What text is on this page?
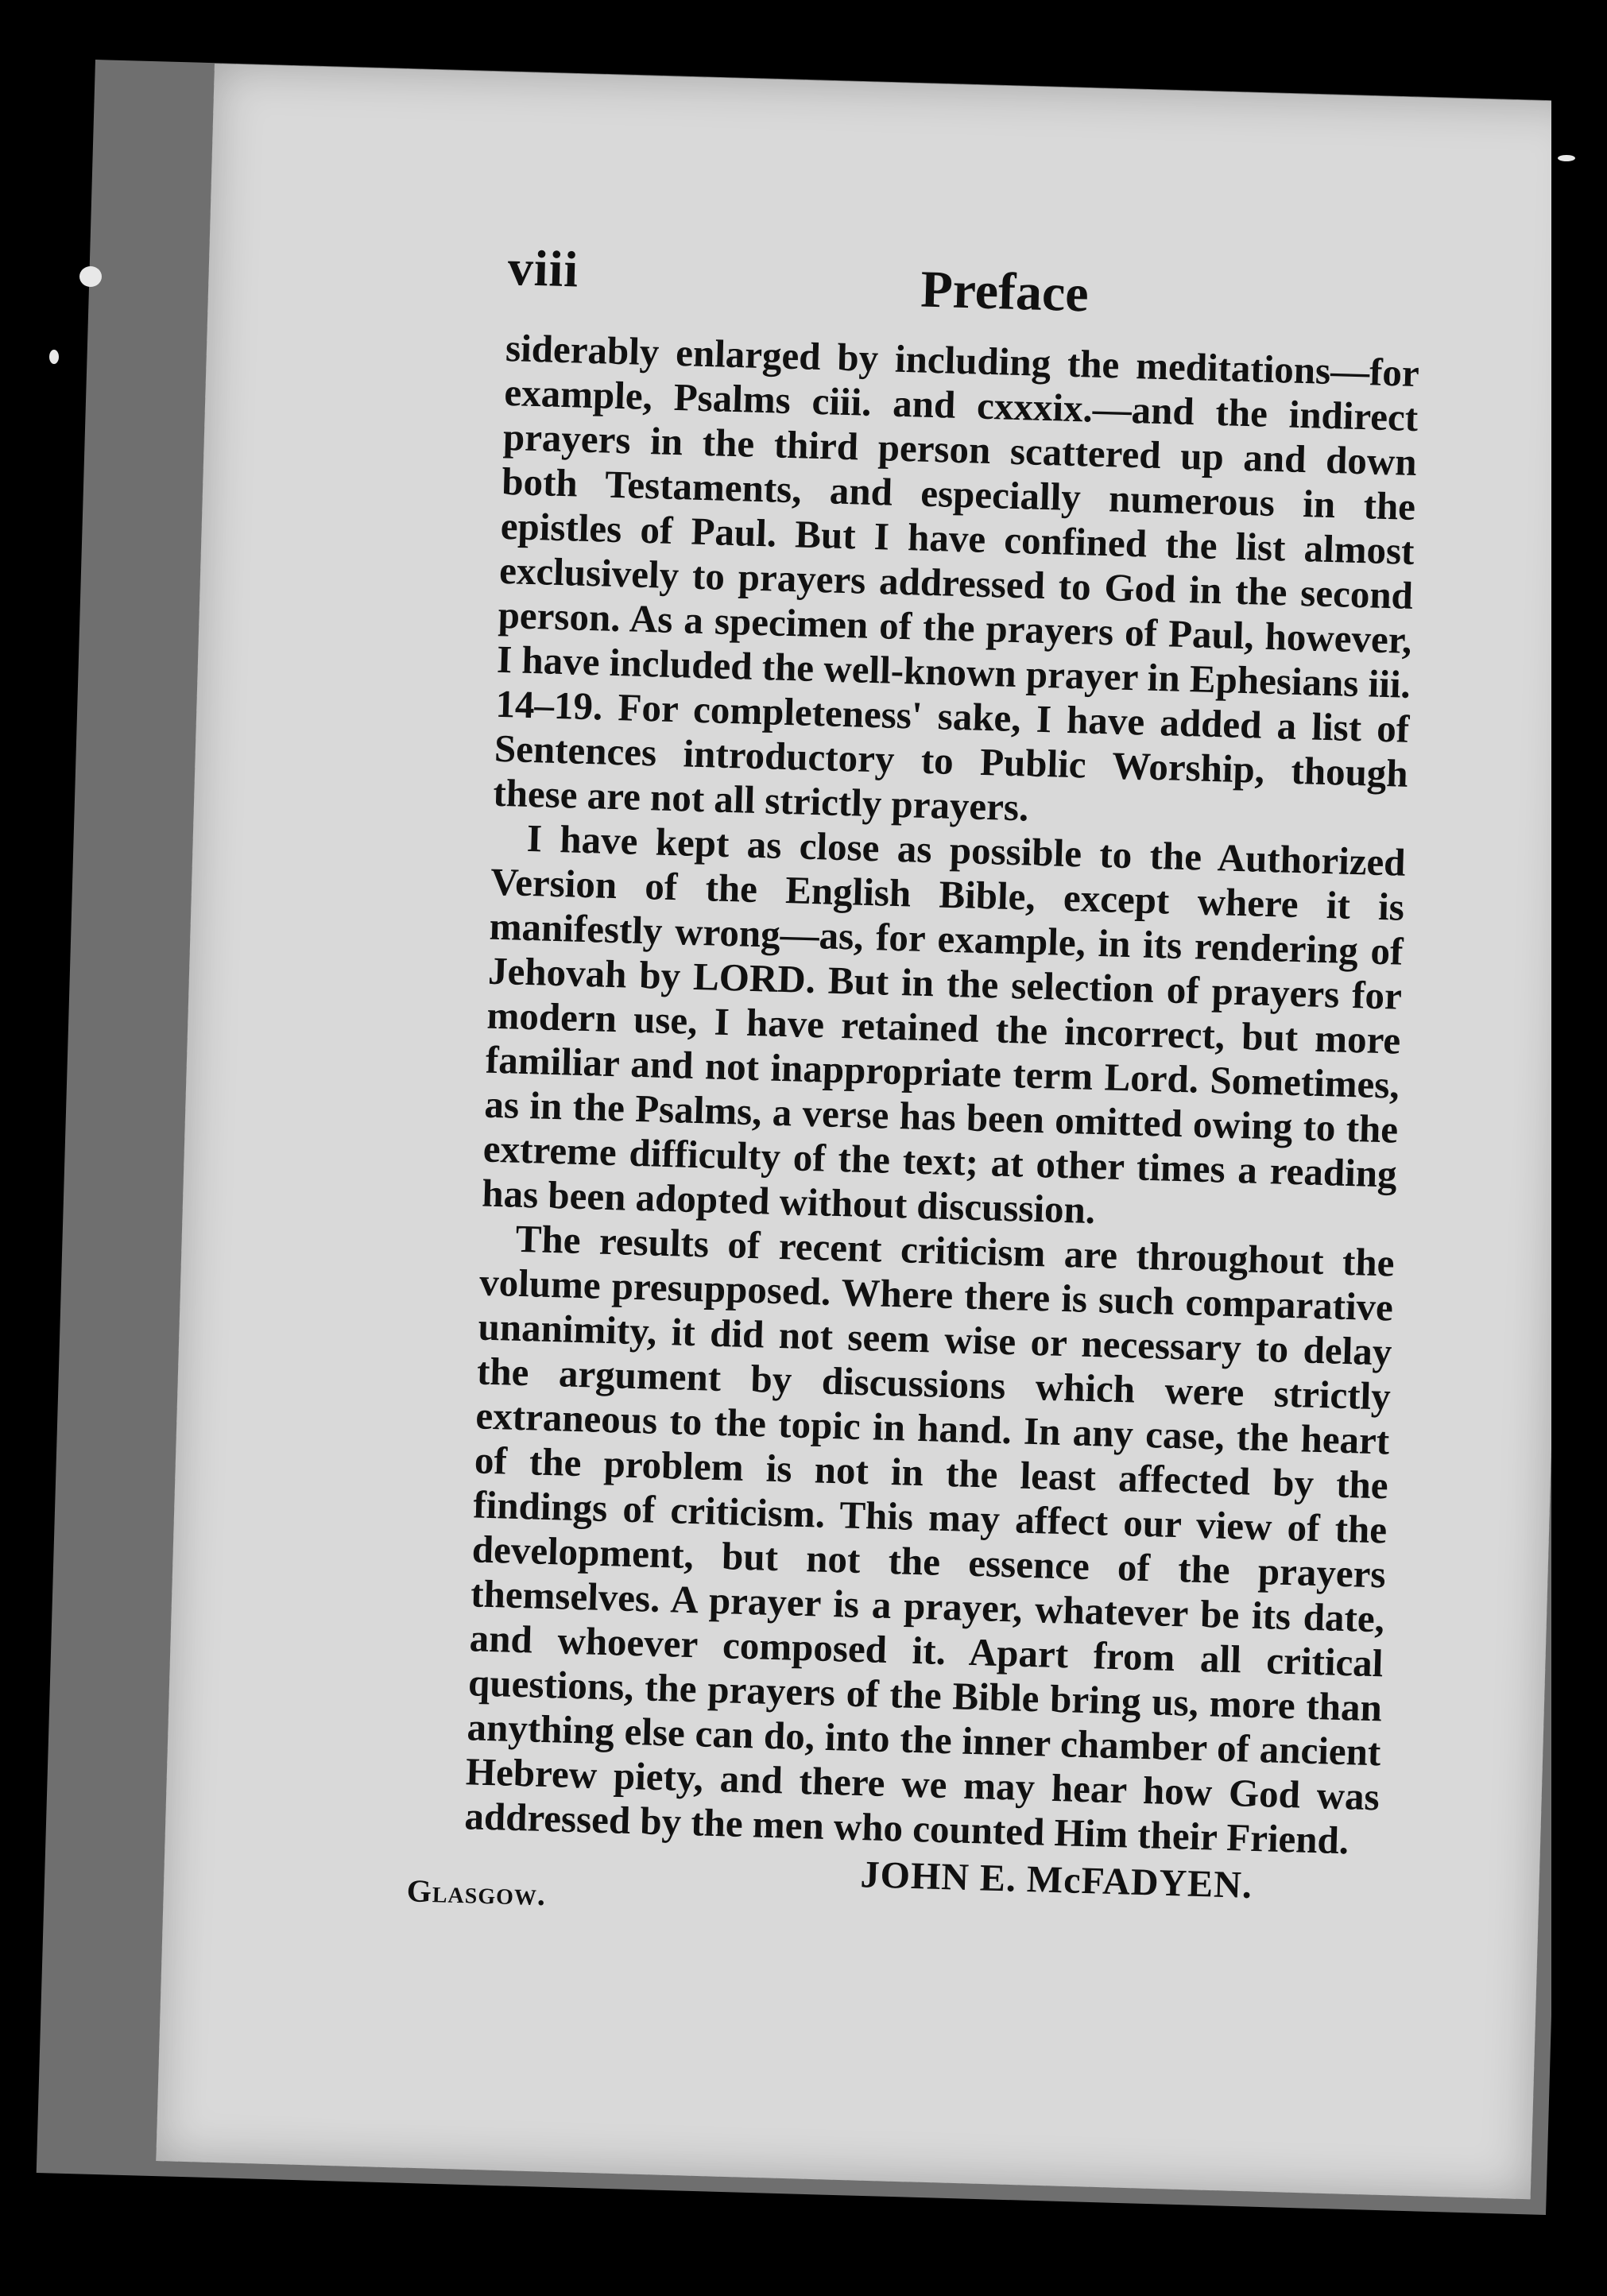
viii	Preface

siderably enlarged by including the meditations—for example, Psalms ciii. and cxxxix.—and the indirect prayers in the third person scattered up and down both Testaments, and especially numerous in the epistles of Paul. But I have confined the list almost exclusively to prayers addressed to God in the second person. As a specimen of the prayers of Paul, however, I have included the well-known prayer in Ephesians iii. 14–19. For completeness' sake, I have added a list of Sentences introductory to Public Worship, though these are not all strictly prayers.

I have kept as close as possible to the Authorized Version of the English Bible, except where it is manifestly wrong—as, for example, in its rendering of Jehovah by LORD. But in the selection of prayers for modern use, I have retained the incorrect, but more familiar and not inappropriate term Lord. Sometimes, as in the Psalms, a verse has been omitted owing to the extreme difficulty of the text; at other times a reading has been adopted without discussion.

The results of recent criticism are throughout the volume presupposed. Where there is such comparative unanimity, it did not seem wise or necessary to delay the argument by discussions which were strictly extraneous to the topic in hand. In any case, the heart of the problem is not in the least affected by the findings of criticism. This may affect our view of the development, but not the essence of the prayers themselves. A prayer is a prayer, whatever be its date, and whoever composed it. Apart from all critical questions, the prayers of the Bible bring us, more than anything else can do, into the inner chamber of ancient Hebrew piety, and there we may hear how God was addressed by the men who counted Him their Friend.

JOHN E. McFADYEN.
Glasgow.
